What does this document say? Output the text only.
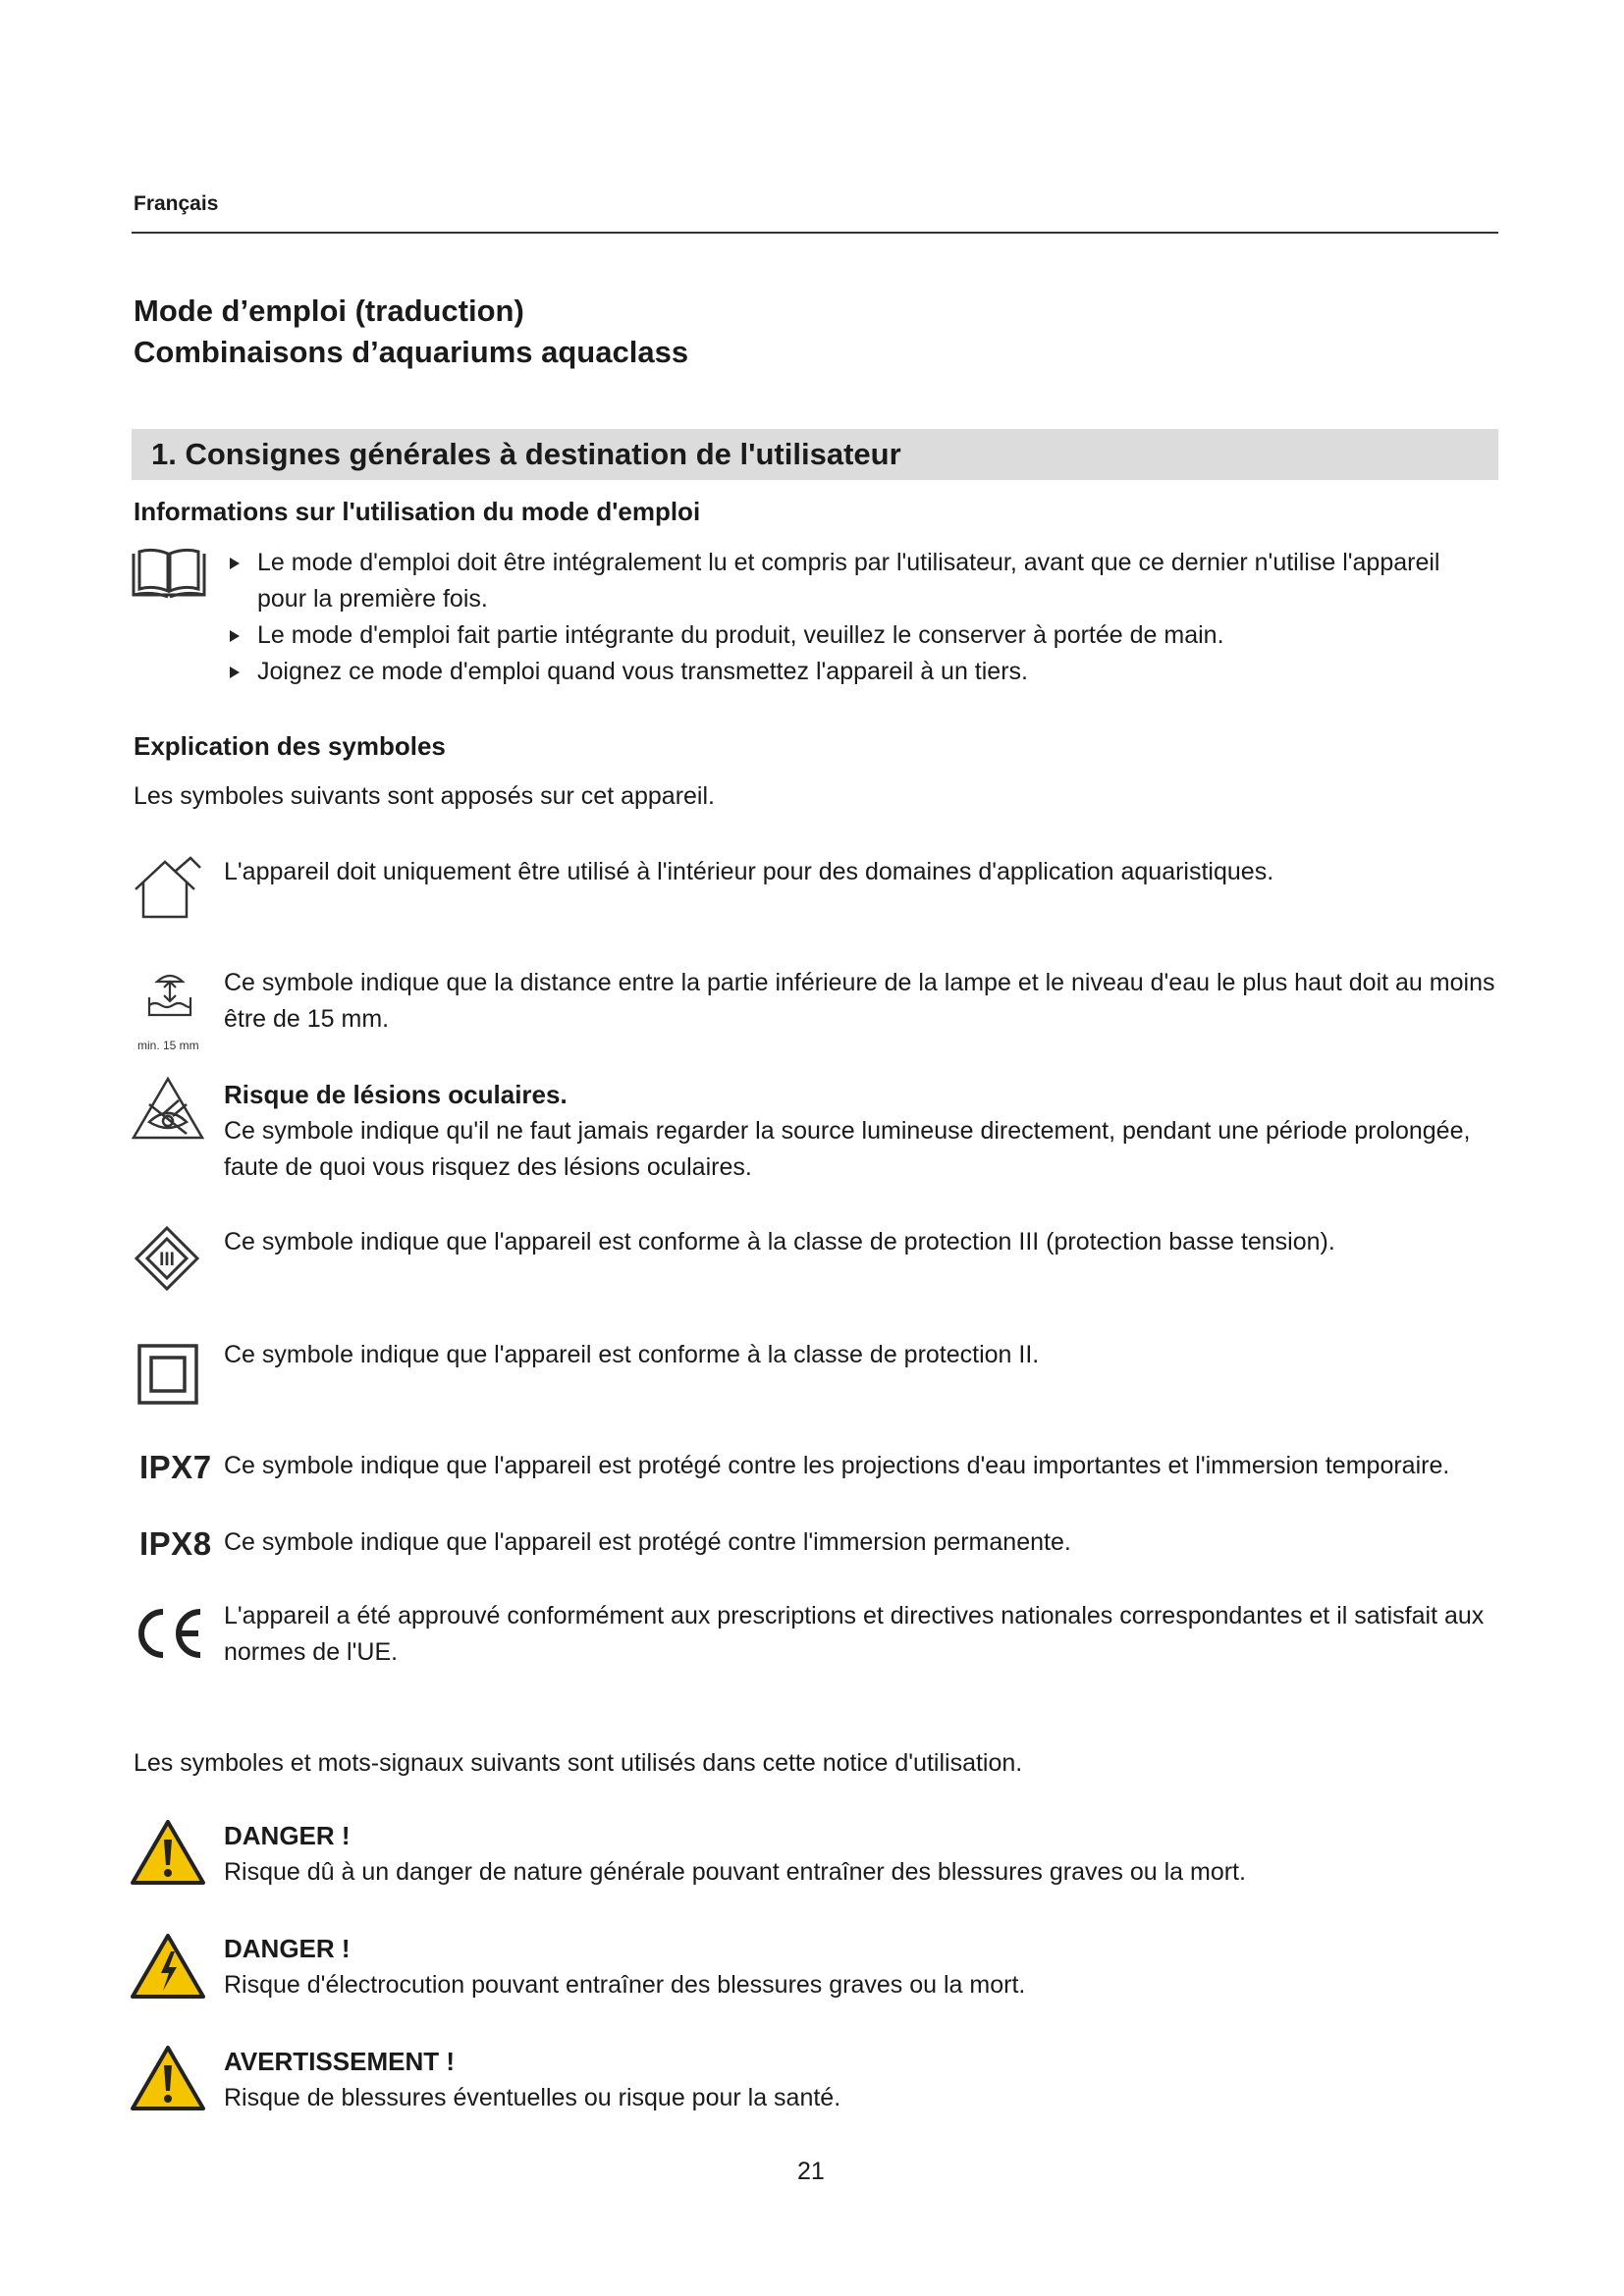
Français
Mode d’emploi (traduction)
Combinaisons d’aquariums aquaclass
1. Consignes générales à destination de l'utilisateur
Informations sur l'utilisation du mode d'emploi
Le mode d'emploi doit être intégralement lu et compris par l'utilisateur, avant que ce dernier n'utilise l'appareil pour la première fois.
Le mode d'emploi fait partie intégrante du produit, veuillez le conserver à portée de main.
Joignez ce mode d'emploi quand vous transmettez l'appareil à un tiers.
Explication des symboles
Les symboles suivants sont apposés sur cet appareil.
L'appareil doit uniquement être utilisé à l'intérieur pour des domaines d'application aquaristiques.
min. 15 mm
Ce symbole indique que la distance entre la partie inférieure de la lampe et le niveau d'eau le plus haut doit au moins être de 15 mm.
Risque de lésions oculaires.
Ce symbole indique qu'il ne faut jamais regarder la source lumineuse directement, pendant une période prolongée, faute de quoi vous risquez des lésions oculaires.
III
Ce symbole indique que l'appareil est conforme à la classe de protection III (protection basse tension).
Ce symbole indique que l'appareil est conforme à la classe de protection II.
IPX7 Ce symbole indique que l'appareil est protégé contre les projections d'eau importantes et l'immersion temporaire.
IPX8 Ce symbole indique que l'appareil est protégé contre l'immersion permanente.
L'appareil a été approuvé conformément aux prescriptions et directives nationales correspondantes et il satisfait aux normes de l'UE.
Les symboles et mots-signaux suivants sont utilisés dans cette notice d'utilisation.
DANGER !
Risque dû à un danger de nature générale pouvant entraîner des blessures graves ou la mort.
DANGER !
Risque d'électrocution pouvant entraîner des blessures graves ou la mort.
AVERTISSEMENT !
Risque de blessures éventuelles ou risque pour la santé.
21
